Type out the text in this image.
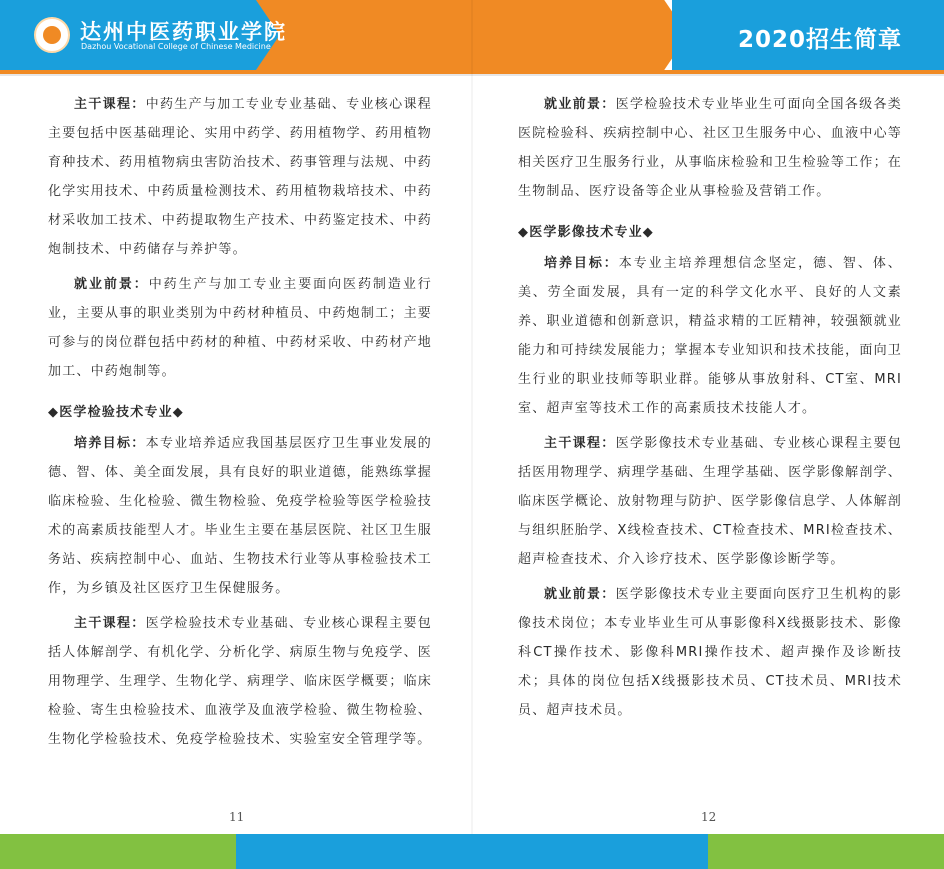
达州中医药职业学院
Dazhou Vocational College of Chinese Medicine	2020招生简章

主干课程：中药生产与加工专业专业基础、专业核心课程主要包括中医基础理论、实用中药学、药用植物学、药用植物育种技术、药用植物病虫害防治技术、药事管理与法规、中药化学实用技术、中药质量检测技术、药用植物栽培技术、中药材采收加工技术、中药提取物生产技术、中药鉴定技术、中药炮制技术、中药储存与养护等。

就业前景：中药生产与加工专业主要面向医药制造业行业，主要从事的职业类别为中药材种植员、中药炮制工；主要可参与的岗位群包括中药材的种植、中药材采收、中药材产地加工、中药炮制等。

◆医学检验技术专业◆

培养目标：本专业培养适应我国基层医疗卫生事业发展的德、智、体、美全面发展，具有良好的职业道德，能熟练掌握临床检验、生化检验、微生物检验、免疫学检验等医学检验技术的高素质技能型人才。毕业生主要在基层医院、社区卫生服务站、疾病控制中心、血站、生物技术行业等从事检验技术工作，为乡镇及社区医疗卫生保健服务。

主干课程：医学检验技术专业基础、专业核心课程主要包括人体解剖学、有机化学、分析化学、病原生物与免疫学、医用物理学、生理学、生物化学、病理学、临床医学概要；临床检验、寄生虫检验技术、血液学及血液学检验、微生物检验、生物化学检验技术、免疫学检验技术、实验室安全管理学等。

就业前景：医学检验技术专业毕业生可面向全国各级各类医院检验科、疾病控制中心、社区卫生服务中心、血液中心等相关医疗卫生服务行业，从事临床检验和卫生检验等工作；在生物制品、医疗设备等企业从事检验及营销工作。

◆医学影像技术专业◆

培养目标：本专业主培养理想信念坚定，德、智、体、美、劳全面发展，具有一定的科学文化水平、良好的人文素养、职业道德和创新意识，精益求精的工匠精神，较强额就业能力和可持续发展能力；掌握本专业知识和技术技能，面向卫生行业的职业技师等职业群。能够从事放射科、CT室、MRI室、超声室等技术工作的高素质技术技能人才。

主干课程：医学影像技术专业基础、专业核心课程主要包括医用物理学、病理学基础、生理学基础、医学影像解剖学、临床医学概论、放射物理与防护、医学影像信息学、人体解剖与组织胚胎学、X线检查技术、CT检查技术、MRI检查技术、超声检查技术、介入诊疗技术、医学影像诊断学等。

就业前景：医学影像技术专业主要面向医疗卫生机构的影像技术岗位；本专业毕业生可从事影像科X线摄影技术、影像科CT操作技术、影像科MRI操作技术、超声操作及诊断技术；具体的岗位包括X线摄影技术员、CT技术员、MRI技术员、超声技术员。

11	12
